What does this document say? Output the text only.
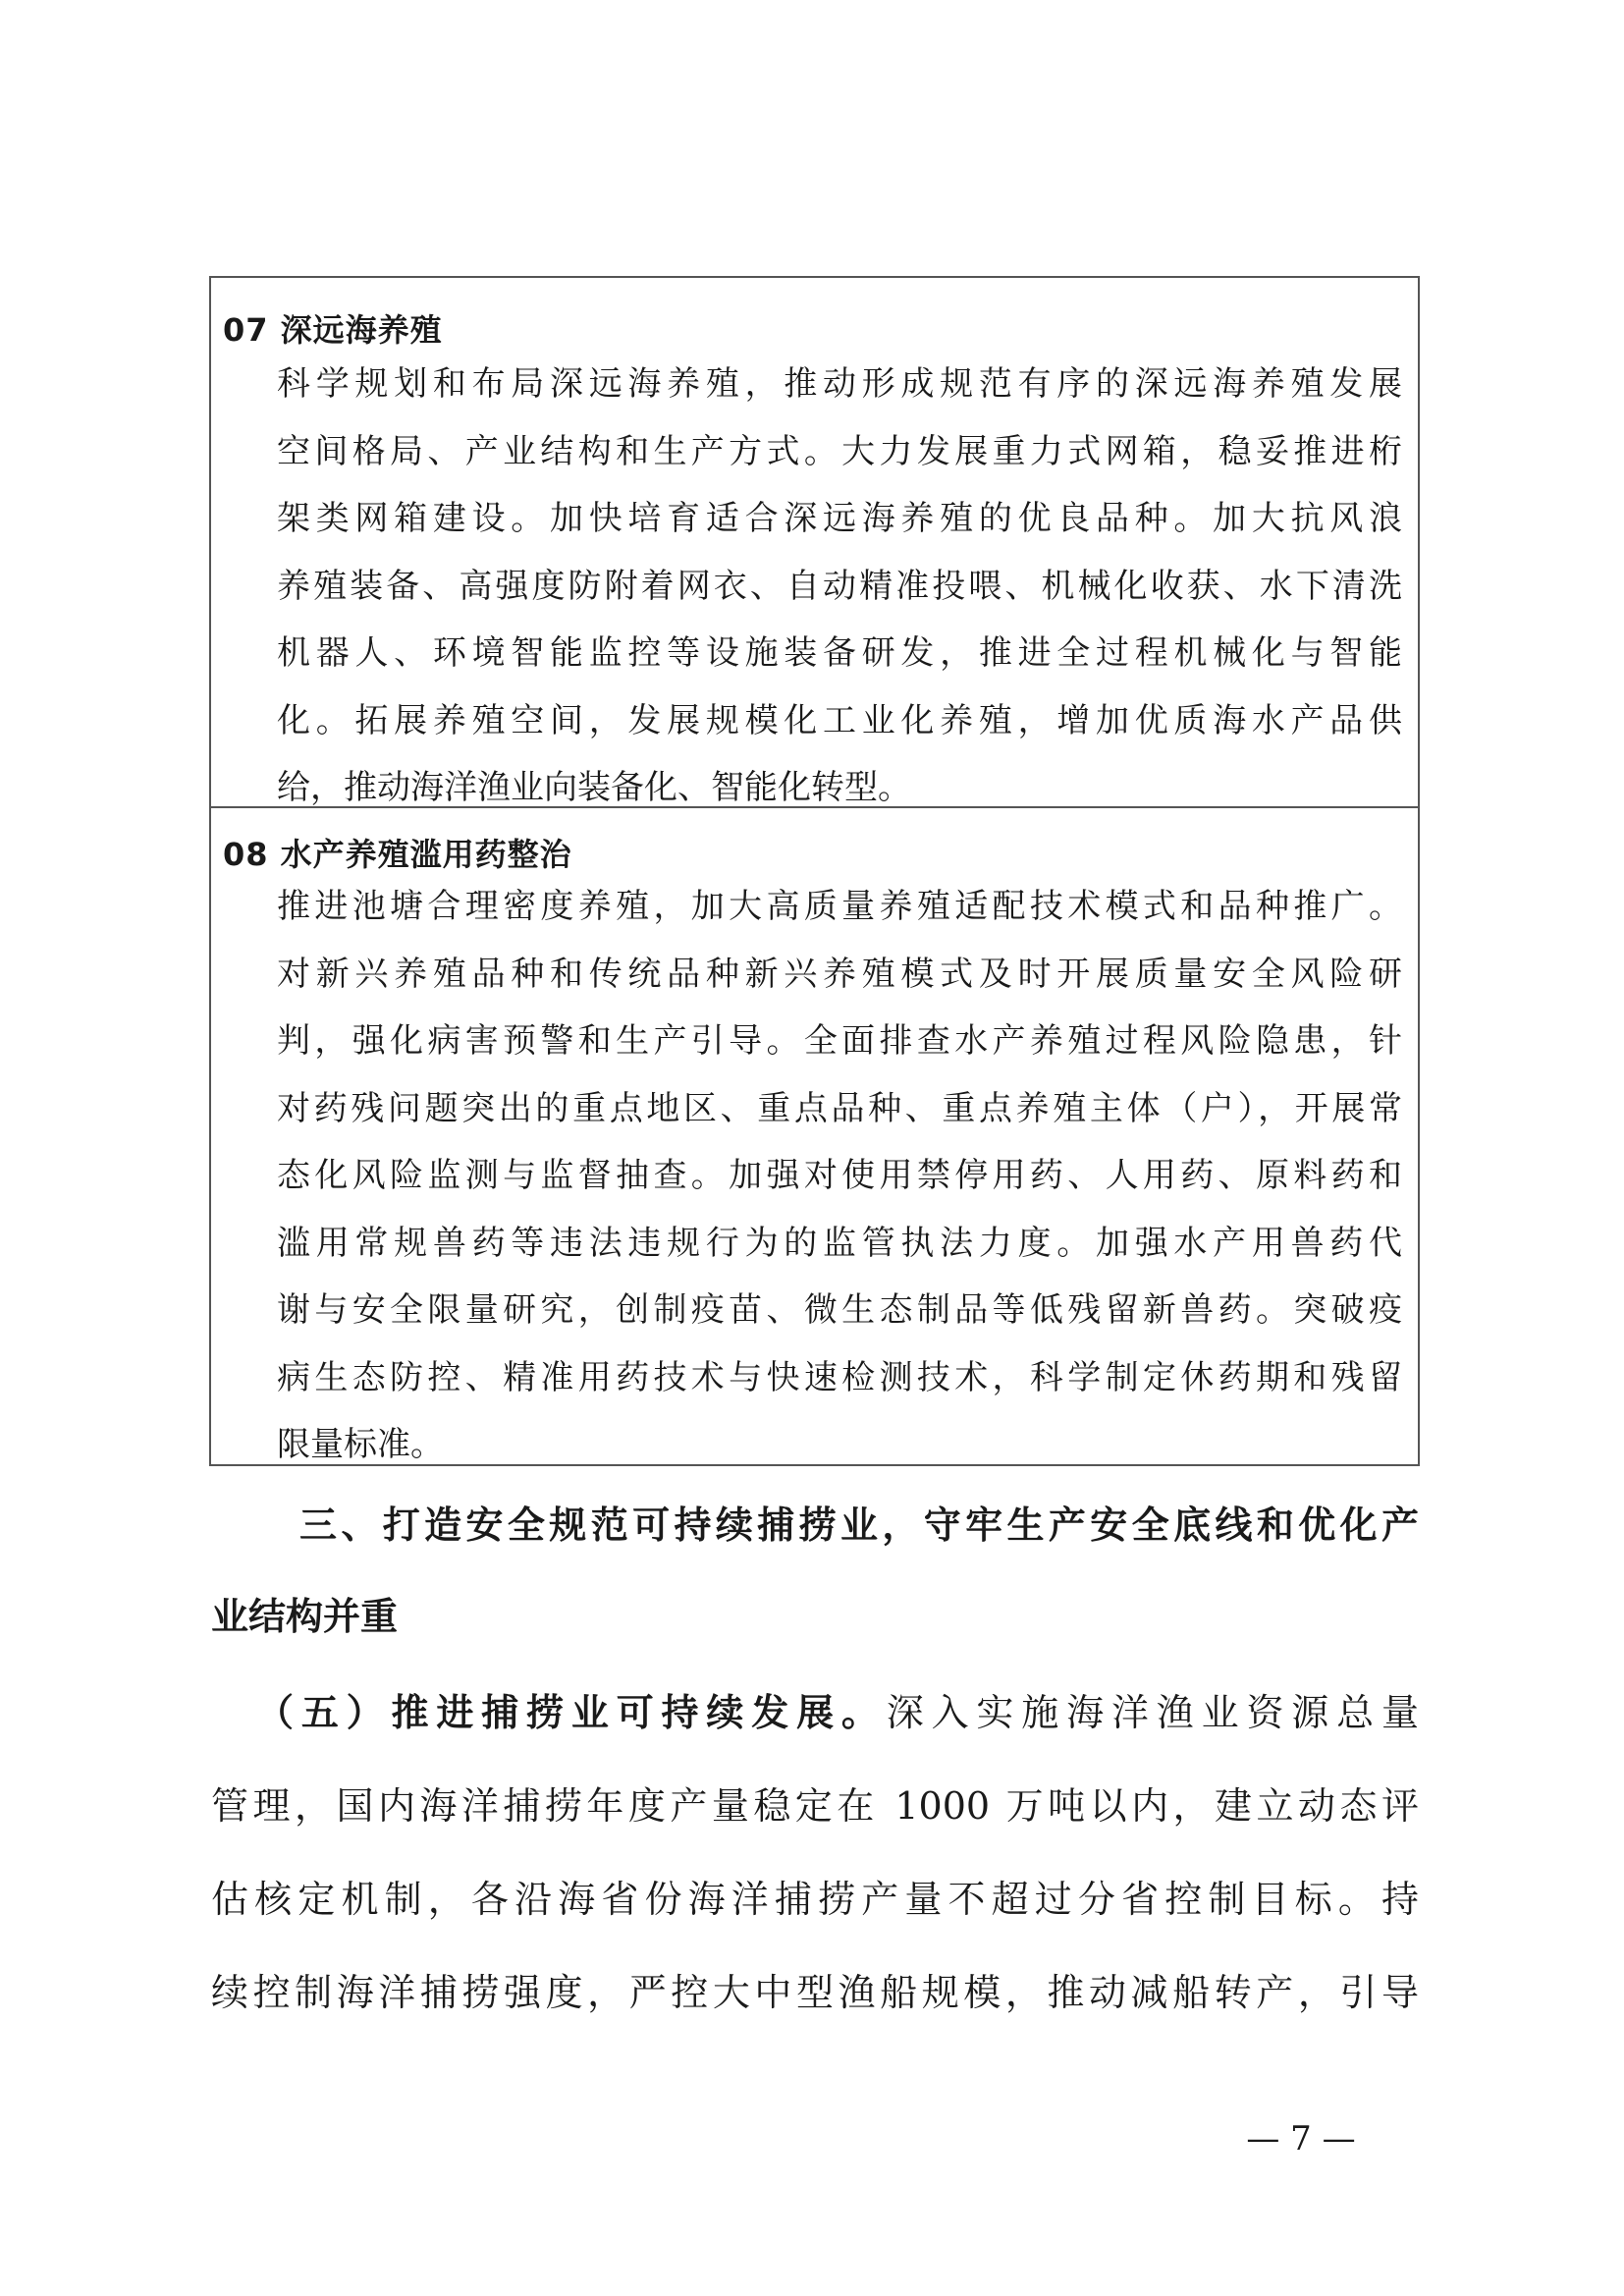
07 深远海养殖
科学规划和布局深远海养殖，推动形成规范有序的深远海养殖发展
空间格局、产业结构和生产方式。大力发展重力式网箱，稳妥推进桁
架类网箱建设。加快培育适合深远海养殖的优良品种。加大抗风浪
养殖装备、高强度防附着网衣、自动精准投喂、机械化收获、水下清洗
机器人、环境智能监控等设施装备研发，推进全过程机械化与智能
化。拓展养殖空间，发展规模化工业化养殖，增加优质海水产品供
给，推动海洋渔业向装备化、智能化转型。
08 水产养殖滥用药整治
推进池塘合理密度养殖，加大高质量养殖适配技术模式和品种推广。
对新兴养殖品种和传统品种新兴养殖模式及时开展质量安全风险研
判，强化病害预警和生产引导。全面排查水产养殖过程风险隐患，针
对药残问题突出的重点地区、重点品种、重点养殖主体（户），开展常
态化风险监测与监督抽查。加强对使用禁停用药、人用药、原料药和
滥用常规兽药等违法违规行为的监管执法力度。加强水产用兽药代
谢与安全限量研究，创制疫苗、微生态制品等低残留新兽药。突破疫
病生态防控、精准用药技术与快速检测技术，科学制定休药期和残留
限量标准。
三、打造安全规范可持续捕捞业，守牢生产安全底线和优化产
业结构并重
（五）推进捕捞业可持续发展。深入实施海洋渔业资源总量
管理，国内海洋捕捞年度产量稳定在 1000 万吨以内，建立动态评
估核定机制，各沿海省份海洋捕捞产量不超过分省控制目标。持
续控制海洋捕捞强度，严控大中型渔船规模，推动减船转产，引导
— 7 —
